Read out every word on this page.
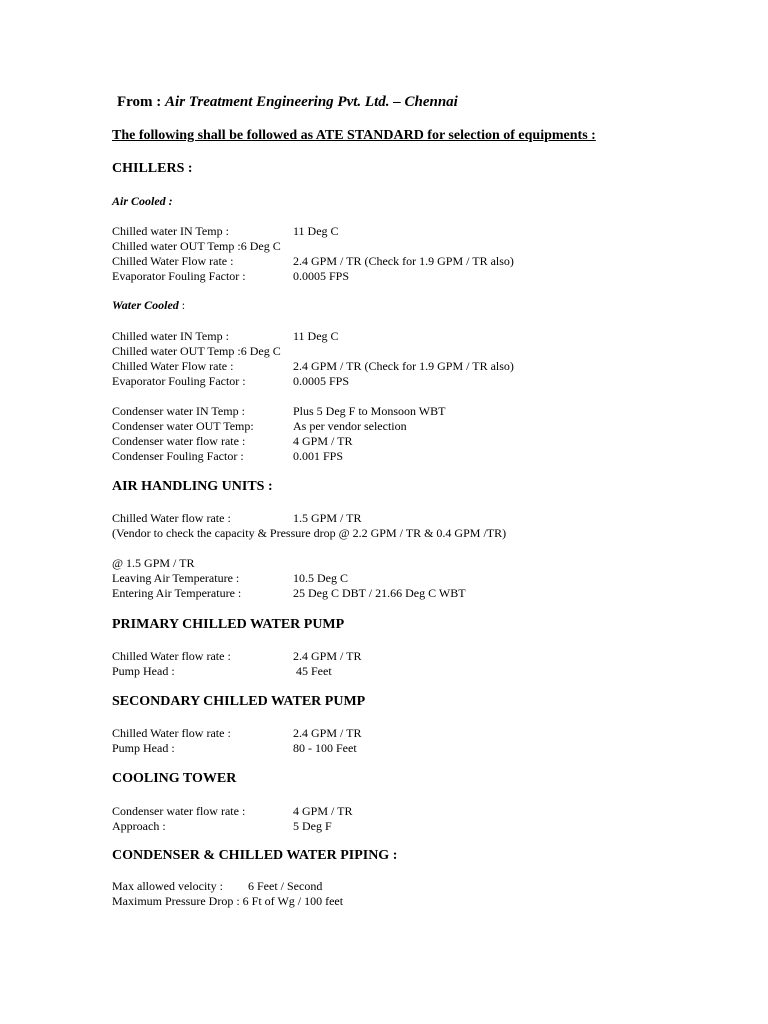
From : Air Treatment Engineering Pvt. Ltd. – Chennai
The following shall be followed as ATE STANDARD for selection of equipments :
CHILLERS :
Air Cooled :
Chilled water IN Temp :	11 Deg C
Chilled water OUT Temp :6 Deg C
Chilled Water Flow rate :	2.4 GPM / TR (Check for 1.9 GPM / TR also)
Evaporator Fouling Factor :	0.0005 FPS
Water Cooled :
Chilled water IN Temp :	11 Deg C
Chilled water OUT Temp :6 Deg C
Chilled Water Flow rate :	2.4 GPM / TR (Check for 1.9 GPM / TR also)
Evaporator Fouling Factor :	0.0005 FPS
Condenser water IN Temp :	Plus 5 Deg F to Monsoon WBT
Condenser water OUT Temp:	As per vendor selection
Condenser water flow rate :	4 GPM / TR
Condenser Fouling Factor :	0.001 FPS
AIR HANDLING UNITS :
Chilled Water flow rate :	1.5 GPM / TR
(Vendor to check the capacity & Pressure drop @ 2.2 GPM / TR & 0.4 GPM /TR)
@ 1.5 GPM / TR
Leaving Air Temperature :	10.5 Deg C
Entering Air Temperature :	25 Deg C DBT / 21.66 Deg C WBT
PRIMARY CHILLED WATER PUMP
Chilled Water flow rate :	2.4 GPM / TR
Pump Head :	45 Feet
SECONDARY CHILLED WATER PUMP
Chilled Water flow rate :	2.4 GPM / TR
Pump Head :	80 - 100 Feet
COOLING TOWER
Condenser water flow rate :	4 GPM / TR
Approach :	5 Deg F
CONDENSER & CHILLED WATER PIPING :
Max allowed velocity : 6 Feet / Second
Maximum Pressure Drop : 6 Ft of Wg / 100 feet
